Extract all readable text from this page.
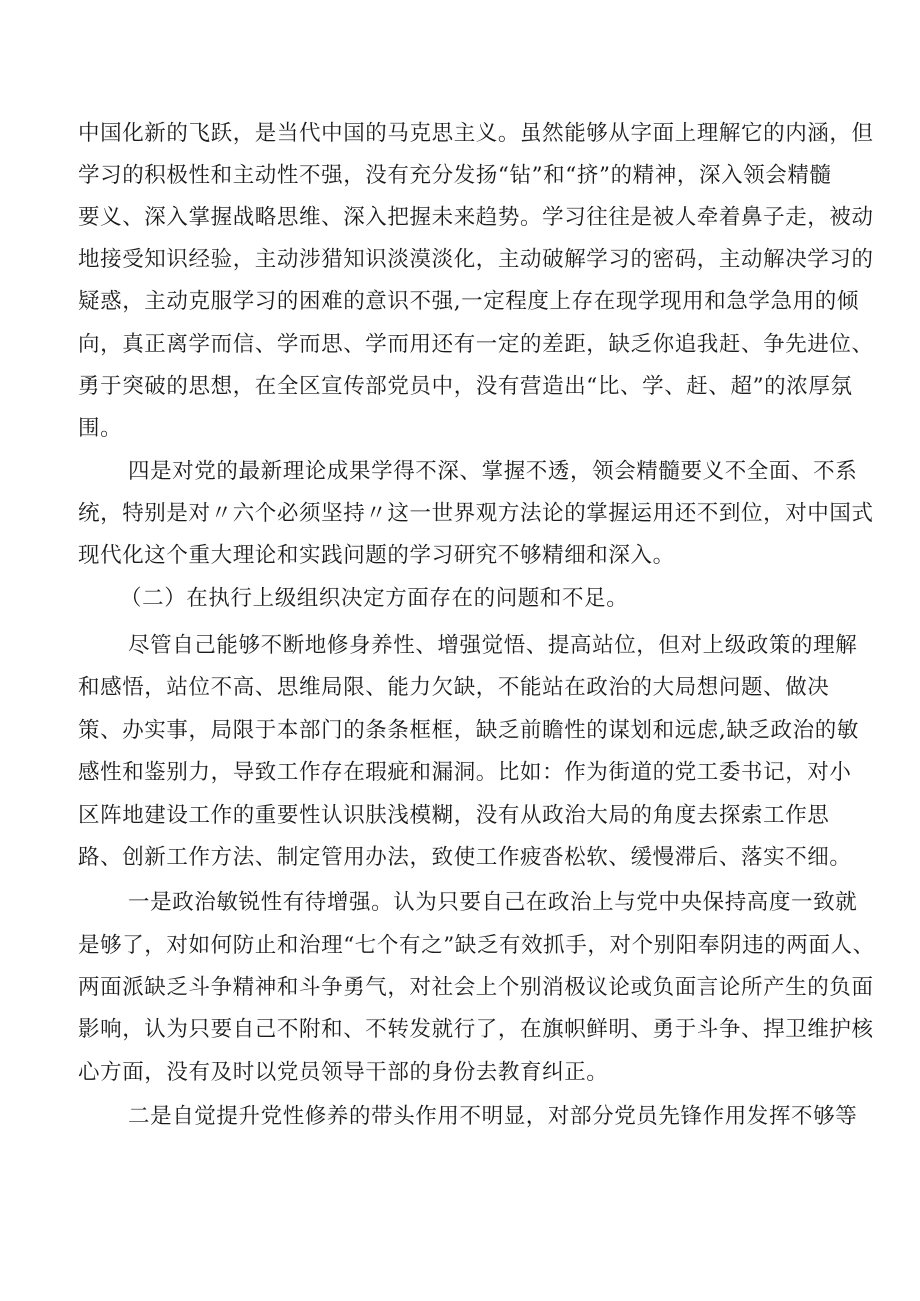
中国化新的飞跃，是当代中国的马克思主义。虽然能够从字面上理解它的内涵，但
学习的积极性和主动性不强，没有充分发扬“钻”和“挤”的精神，深入领会精髓
要义、深入掌握战略思维、深入把握未来趋势。学习往往是被人牵着鼻子走，被动
地接受知识经验，主动涉猎知识淡漠淡化，主动破解学习的密码，主动解决学习的
疑惑，主动克服学习的困难的意识不强,一定程度上存在现学现用和急学急用的倾
向，真正离学而信、学而思、学而用还有一定的差距，缺乏你追我赶、争先进位、
勇于突破的思想，在全区宣传部党员中，没有营造出“比、学、赶、超”的浓厚氛
围。
四是对党的最新理论成果学得不深、掌握不透，领会精髓要义不全面、不系
统，特别是对〃六个必须坚持〃这一世界观方法论的掌握运用还不到位，对中国式
现代化这个重大理论和实践问题的学习研究不够精细和深入。
（二）在执行上级组织决定方面存在的问题和不足。
尽管自己能够不断地修身养性、增强觉悟、提高站位，但对上级政策的理解
和感悟，站位不高、思维局限、能力欠缺，不能站在政治的大局想问题、做决
策、办实事，局限于本部门的条条框框，缺乏前瞻性的谋划和远虑,缺乏政治的敏
感性和鉴别力，导致工作存在瑕疵和漏洞。比如：作为街道的党工委书记，对小
区阵地建设工作的重要性认识肤浅模糊，没有从政治大局的角度去探索工作思
路、创新工作方法、制定管用办法，致使工作疲沓松软、缓慢滞后、落实不细。
一是政治敏锐性有待增强。认为只要自己在政治上与党中央保持高度一致就
是够了，对如何防止和治理“七个有之”缺乏有效抓手，对个别阳奉阴违的两面人、
两面派缺乏斗争精神和斗争勇气，对社会上个别消极议论或负面言论所产生的负面
影响，认为只要自己不附和、不转发就行了，在旗帜鲜明、勇于斗争、捍卫维护核
心方面，没有及时以党员领导干部的身份去教育纠正。
二是自觉提升党性修养的带头作用不明显，对部分党员先锋作用发挥不够等
